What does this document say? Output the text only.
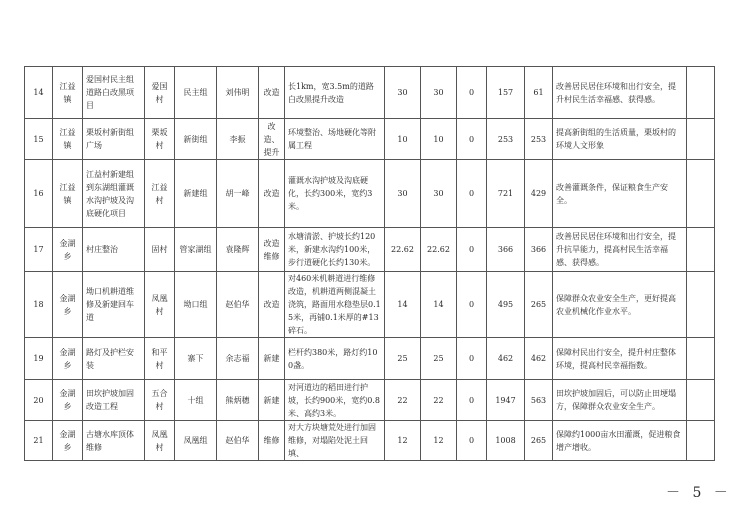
14	江益镇	爱国村民主组道路白改黑项目	爱国村	民主组	刘伟明	改造	长1km，宽3.5m的道路白改黑提升改造	30	30	0	157	61	改善居民居住环境和出行安全，提升村民生活幸福感、获得感。	
15	江益镇	栗坂村新街组广场	栗坂村	新街组	李振	改造、提升	环境整治、场地硬化等附属工程	10	10	0	253	253	提高新街组的生活质量，栗坂村的环境人文形象	
16	江益镇	江益村新建组到东湖组灌溉水沟护坡及沟底硬化项目	江益村	新建组	胡一峰	改造	灌溉水沟护坡及沟底硬化，长约300米，宽约3米。	30	30	0	721	429	改善灌溉条件，保证粮食生产安全。	
17	金湖乡	村庄整治	固村	管家湖组	袁隆辉	改造维修	水塘清淤、护坡长约120米，新建水沟约100米，步行道硬化长约130米。	22.62	22.62	0	366	366	改善居民居住环境和出行安全，提升抗旱能力，提高村民生活幸福感、获得感。	
18	金湖乡	坳口机耕道维修及新建回车道	凤凰村	坳口组	赵伯华	改造	对460米机耕道进行维修改造，机耕道两侧混凝土浇筑，路面用水稳垫层0.15米，再铺0.1米厚的#13碎石。	14	14	0	495	265	保障群众农业安全生产，更好提高农业机械化作业水平。	
19	金湖乡	路灯及护栏安装	和平村	寨下	余志福	新建	栏杆约380米，路灯约100盏。	25	25	0	462	462	保障村民出行安全，提升村庄整体环境，提高村民幸福指数。	
20	金湖乡	田坎护坡加固改造工程	五合村	十组	熊炳穗	新建	对河道边的稻田进行护坡，长约900米，宽约0.8米、高约3米。	22	22	0	1947	563	田坎护坡加固后，可以防止田埂塌方，保障群众农业安全生产。	
21	金湖乡	古塘水库顶体维修	凤凰村	凤凰组	赵伯华	维修	对大方块塘荒处进行加固维修，对塌陷处泥土回填、	12	12	0	1008	265	保障约1000亩水田灌溉，促进粮食增产增收。	
－ 5 －
